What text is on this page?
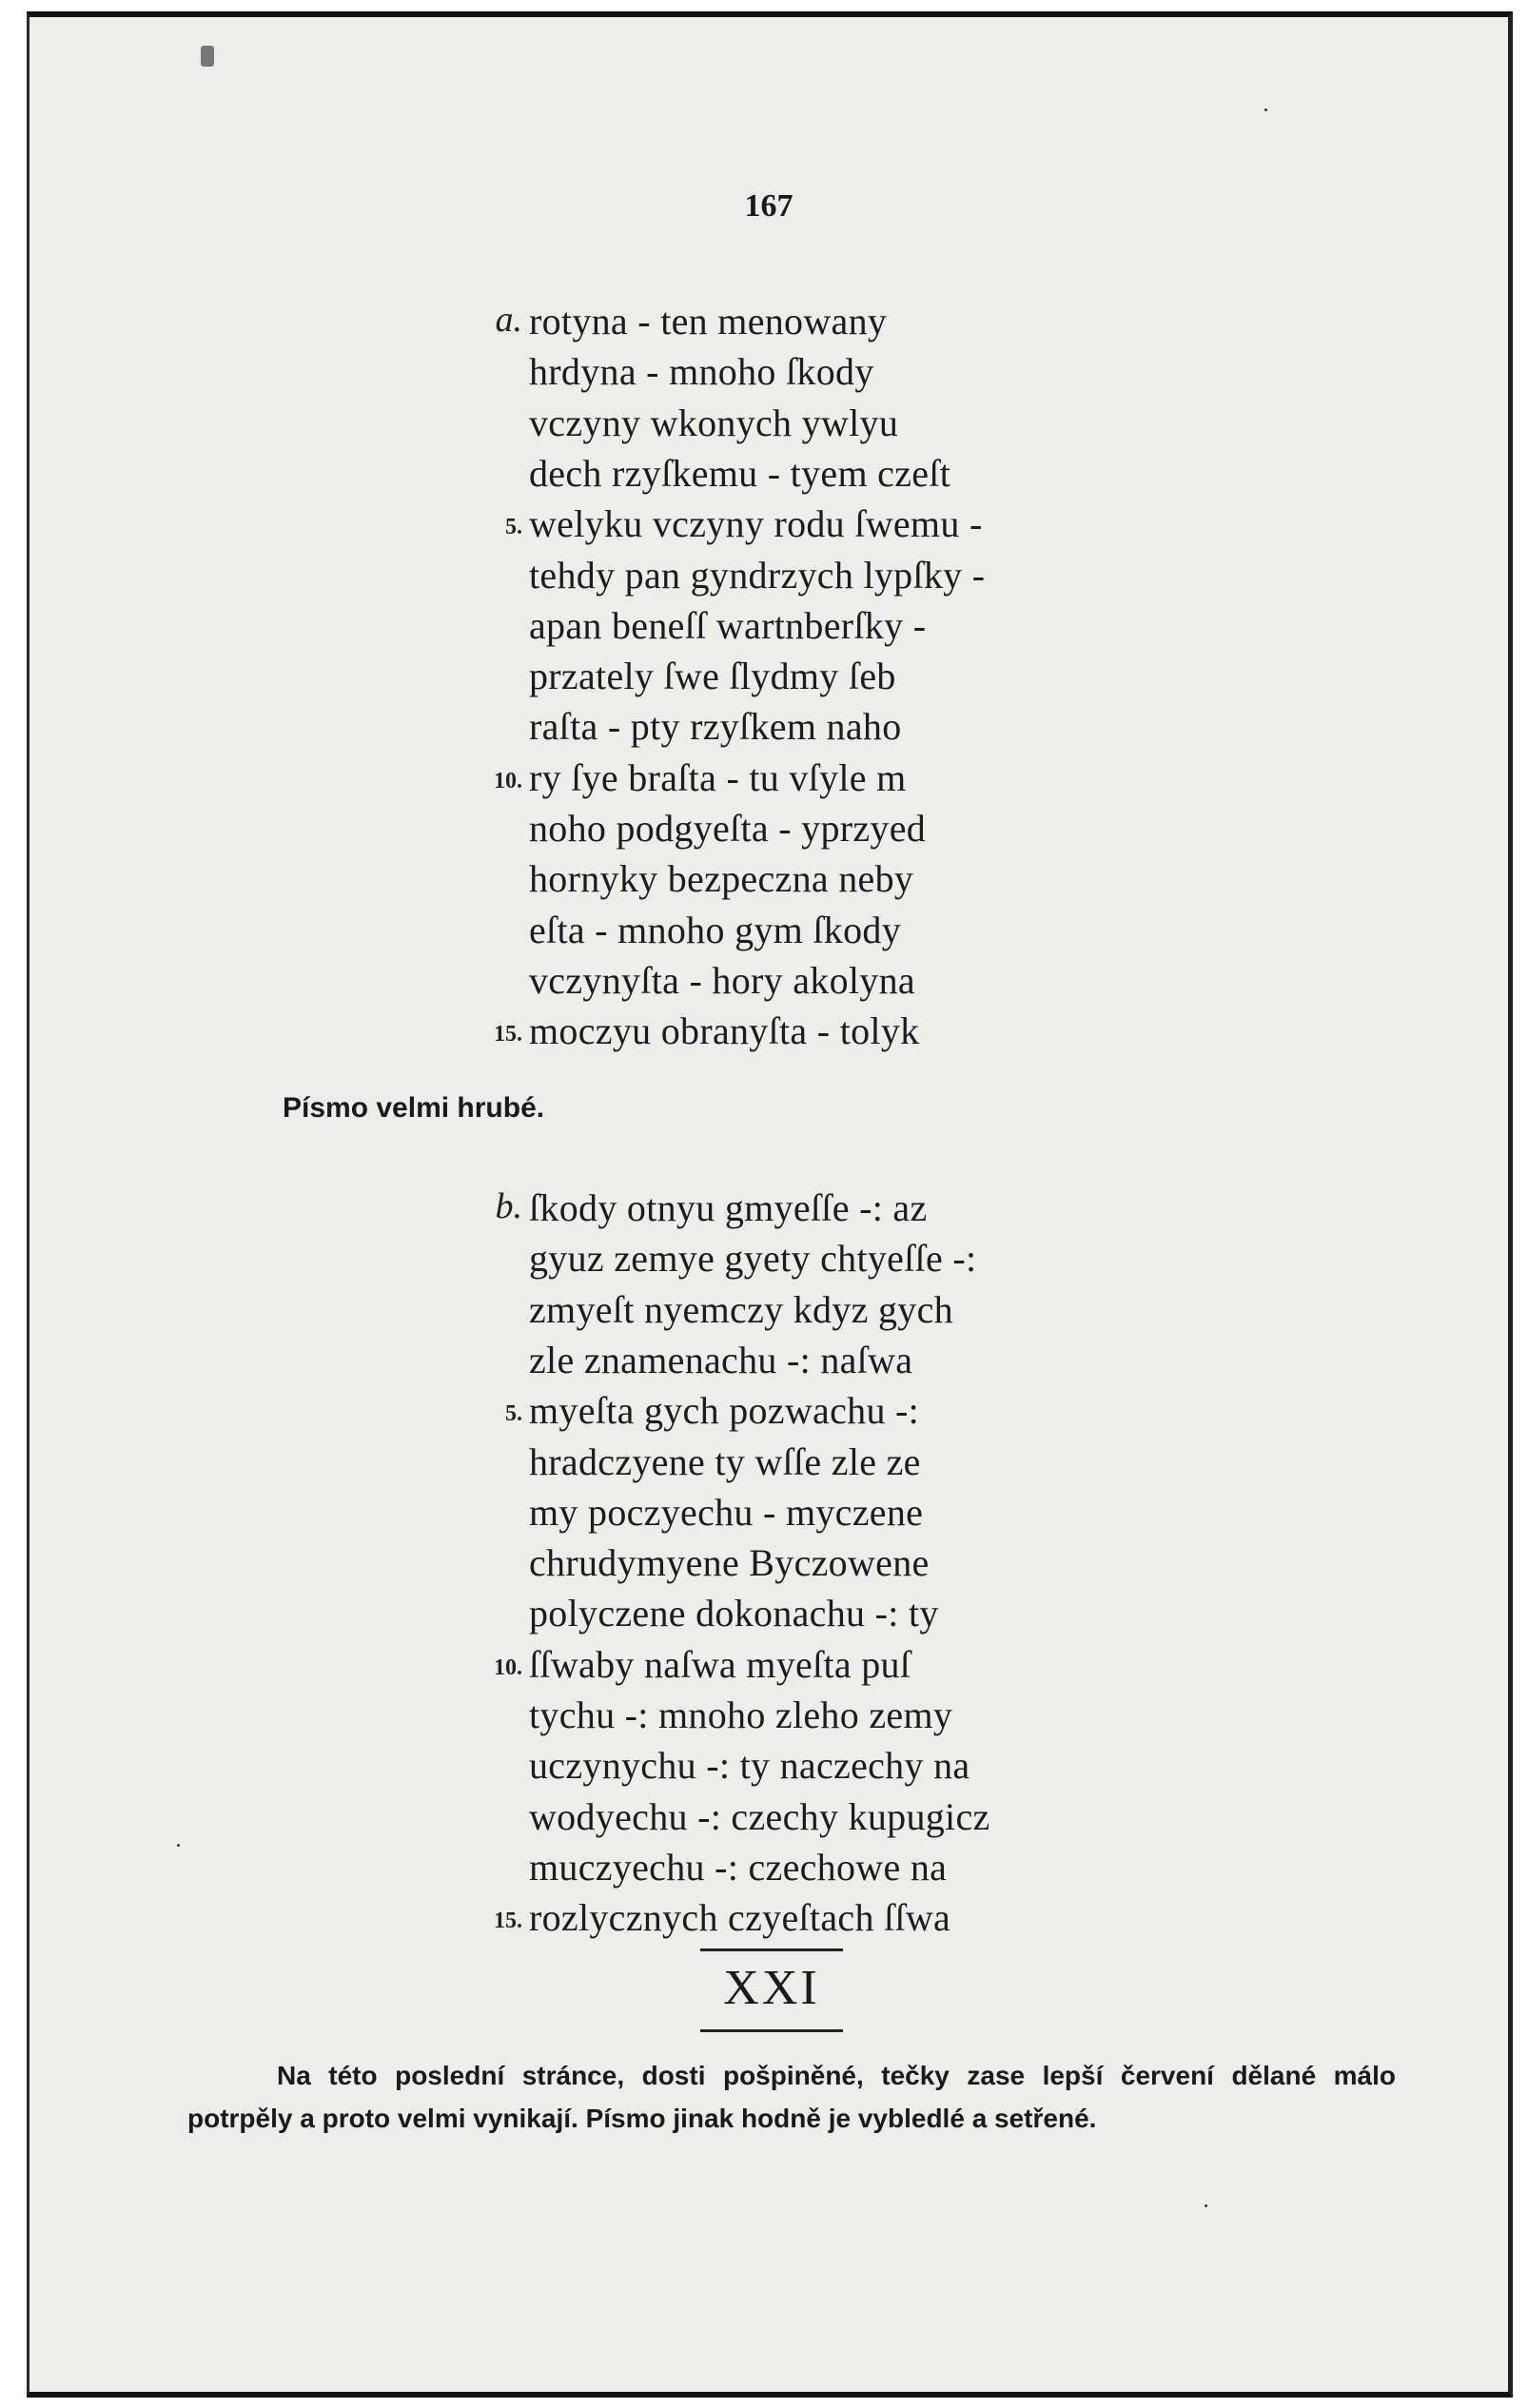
167
a. rotyna - ten menowany
hrdyna - mnoho ſkody
vczyny wkonych ywlyu
dech rzyſkemu - tyem czeſt
5. welyku vczyny rodu ſwemu -
tehdy pan gyndrzych lypſky -
apan beneſſ wartnberſky -
przately ſwe ſlydmy ſeb
raſta - pty rzyſkem naho
10. ry ſye braſta - tu vſyle m
noho podgyeſta - yprzyed
hornyky bezpeczna neby
eſta - mnoho gym ſkody
vczynyſta - hory akolyna
15. moczyu obranyſta - tolyk
Písmo velmi hrubé.
b. ſkody otnyu gmyeſſe -: az
gyuz zemye gyety chtyeſſe -:
zmyeſt nyemczy kdyz gych
zle znamenachu -: naſwa
5. myeſta gych pozwachu -:
hradczyene ty wſſe zle ze
my poczyechu - myczene
chrudymyene Byczowene
polyczene dokonachu -: ty
10. ſſwaby naſwa myeſta puſ
tychu -: mnoho zleho zemy
uczynychu -: ty naczechy na
wodyechu -: czechy kupugicz
muczyechu -: czechowe na
15. rozlycznych czyeſtach ſſwa
XXI
Na této poslední stránce, dosti pošpiněné, tečky zase lepší červení dělané málo potrpěly a proto velmi vynikají. Písmo jinak hodně je vybledlé a setřené.
